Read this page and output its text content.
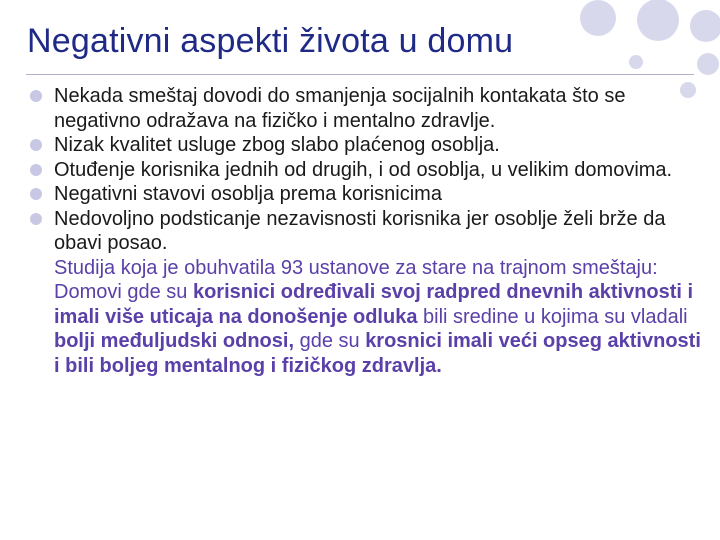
Negativni aspekti života u domu
Nekada smeštaj dovodi do smanjenja socijalnih kontakata što se negativno odražava na fizičko i mentalno zdravlje.
Nizak kvalitet usluge zbog slabo plaćenog osoblja.
Otuđenje korisnika jednih od drugih, i od osoblja, u velikim domovima.
Negativni stavovi osoblja prema korisnicima
Nedovoljno podsticanje nezavisnosti korisnika jer osoblje želi brže da obavi posao.
Studija koja je obuhvatila 93 ustanove za stare na trajnom smeštaju: Domovi gde su korisnici određivali svoj radpred dnevnih aktivnosti i imali više uticaja na donošenje odluka bili sredine u kojima su vladali bolji međuljudski odnosi, gde su krosnici imali veći opseg aktivnosti i bili boljeg mentalnog i fizičkog zdravlja.
